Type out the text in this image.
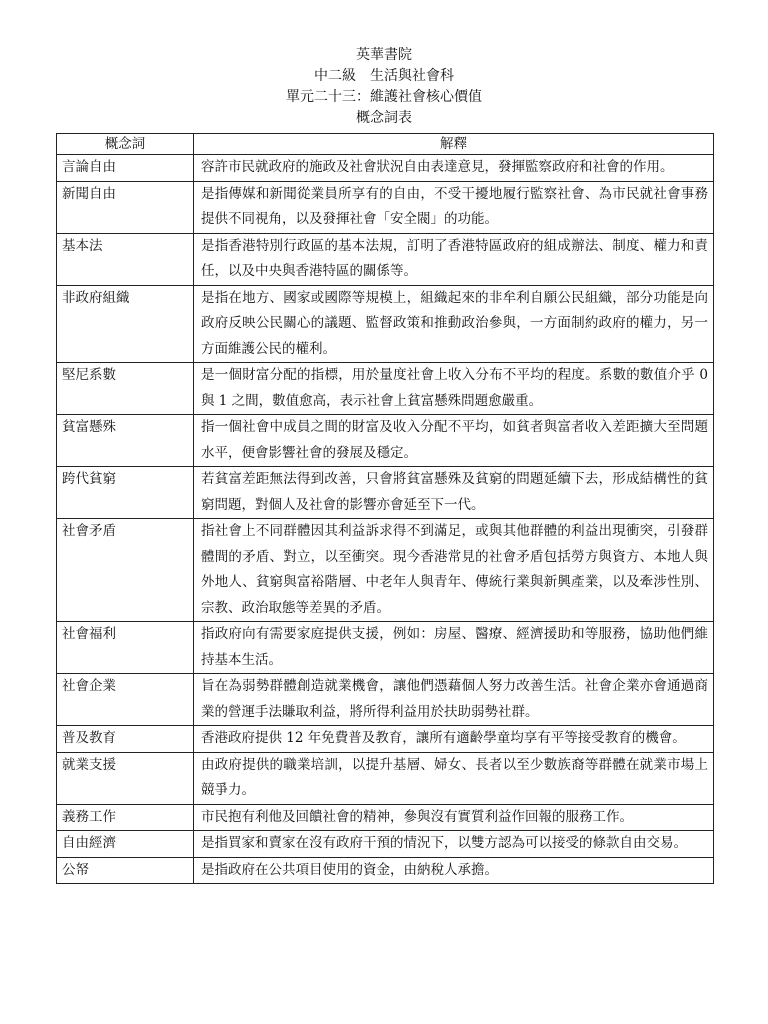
英華書院
中二級　生活與社會科
單元二十三：維護社會核心價值
概念詞表
概念詞	解釋
言論自由	容許市民就政府的施政及社會狀況自由表達意見，發揮監察政府和社會的作用。
新聞自由	是指傳媒和新聞從業員所享有的自由，不受干擾地履行監察社會、為市民就社會事務提供不同視角，以及發揮社會「安全閥」的功能。
基本法	是指香港特別行政區的基本法規，訂明了香港特區政府的組成辦法、制度、權力和責任，以及中央與香港特區的關係等。
非政府組織	是指在地方、國家或國際等規模上，組織起來的非牟利自願公民組織，部分功能是向政府反映公民關心的議題、監督政策和推動政治參與，一方面制約政府的權力，另一方面維護公民的權利。
堅尼系數	是一個財富分配的指標，用於量度社會上收入分布不平均的程度。系數的數值介乎 0 與 1 之間，數值愈高，表示社會上貧富懸殊問題愈嚴重。
貧富懸殊	指一個社會中成員之間的財富及收入分配不平均，如貧者與富者收入差距擴大至問題水平，便會影響社會的發展及穩定。
跨代貧窮	若貧富差距無法得到改善，只會將貧富懸殊及貧窮的問題延續下去，形成結構性的貧窮問題，對個人及社會的影響亦會延至下一代。
社會矛盾	指社會上不同群體因其利益訴求得不到滿足，或與其他群體的利益出現衝突，引發群體間的矛盾、對立，以至衝突。現今香港常見的社會矛盾包括勞方與資方、本地人與外地人、貧窮與富裕階層、中老年人與青年、傳統行業與新興產業，以及牽涉性別、宗教、政治取態等差異的矛盾。
社會福利	指政府向有需要家庭提供支援，例如：房屋、醫療、經濟援助和等服務，協助他們維持基本生活。
社會企業	旨在為弱勢群體創造就業機會，讓他們憑藉個人努力改善生活。社會企業亦會通過商業的營運手法賺取利益，將所得利益用於扶助弱勢社群。
普及教育	香港政府提供 12 年免費普及教育，讓所有適齡學童均享有平等接受教育的機會。
就業支援	由政府提供的職業培訓，以提升基層、婦女、長者以至少數族裔等群體在就業市場上競爭力。
義務工作	市民抱有利他及回饋社會的精神，參與沒有實質利益作回報的服務工作。
自由經濟	是指買家和賣家在沒有政府干預的情況下，以雙方認為可以接受的條款自由交易。
公帑	是指政府在公共項目使用的資金，由納稅人承擔。
